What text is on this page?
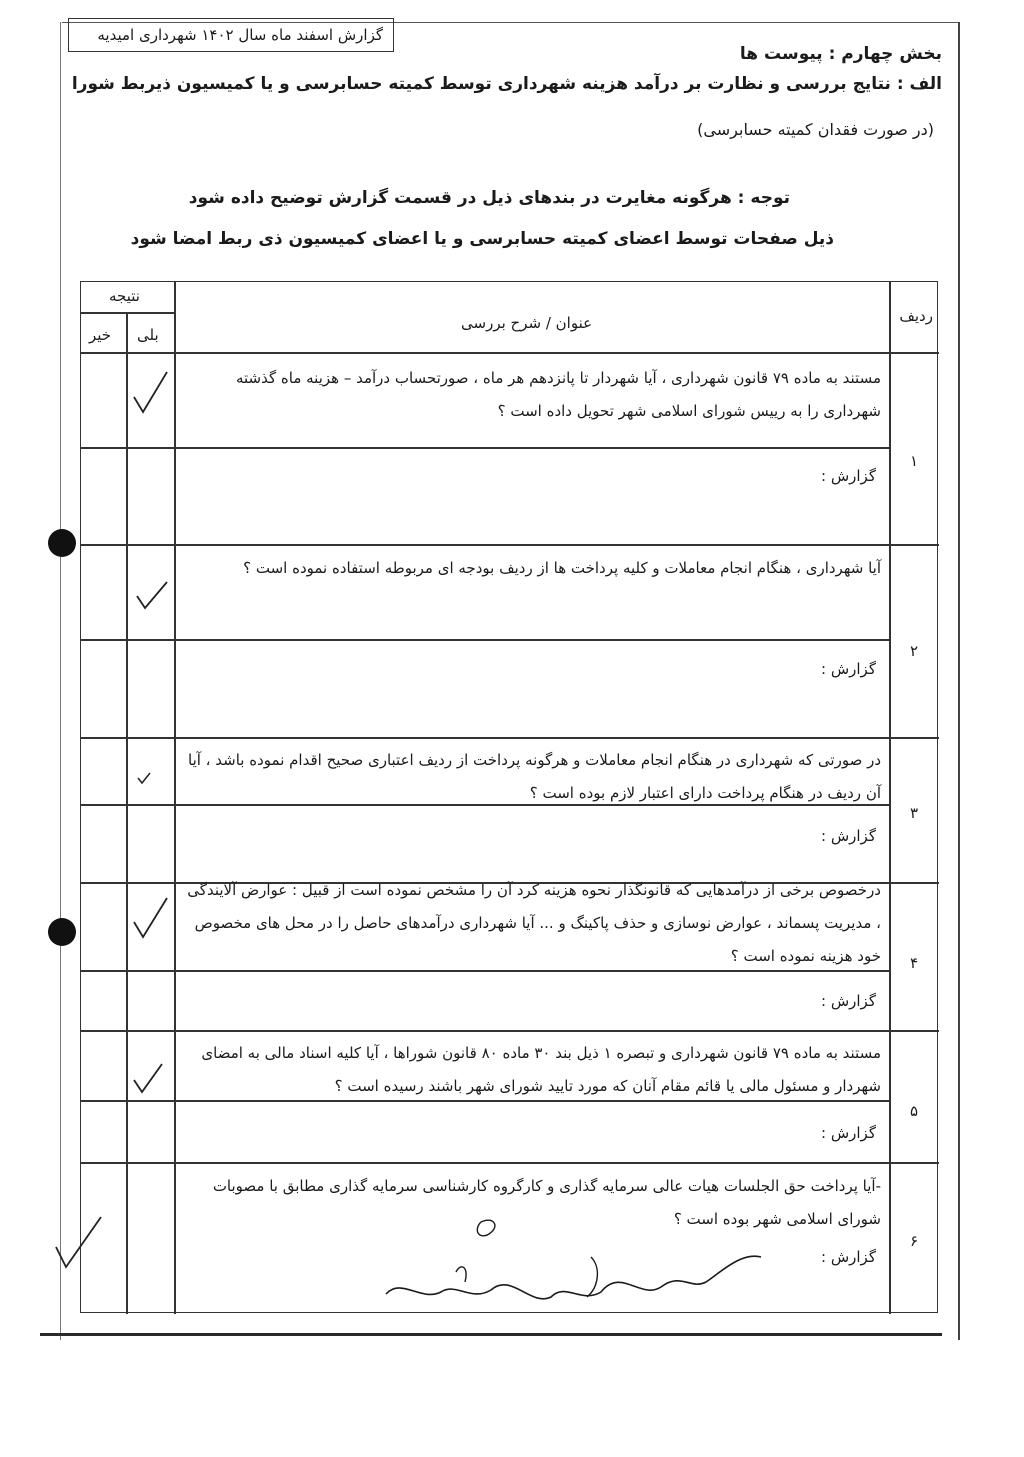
گزارش اسفند ماه سال ۱۴۰۲ شهرداری امیدیه
بخش چهارم : پیوست ها
الف : نتایج بررسی و نظارت بر درآمد هزینه شهرداری توسط کمیته حسابرسی و یا کمیسیون ذیربط شورا
(در صورت فقدان کمیته حسابرسی)
توجه : هرگونه مغایرت در بندهای ذیل در قسمت گزارش توضیح داده شود
ذیل صفحات توسط اعضای کمیته حسابرسی و یا اعضای کمیسیون ذی ربط امضا شود
ردیف
عنوان / شرح بررسی
نتیجه
بلی
خیر
۱
مستند به ماده ۷۹ قانون شهرداری ، آیا شهردار تا پانزدهم هر ماه ، صورتحساب درآمد – هزینه ماه گذشته شهرداری را به رییس شورای اسلامی شهر تحویل داده است ؟
گزارش :
۲
آیا شهرداری ، هنگام انجام معاملات و کلیه پرداخت ها از ردیف بودجه ای مربوطه استفاده نموده است ؟
گزارش :
۳
در صورتی که شهرداری در هنگام انجام معاملات و هرگونه پرداخت از ردیف اعتباری صحیح اقدام نموده باشد ، آیا آن ردیف در هنگام پرداخت دارای اعتبار لازم بوده است ؟
گزارش :
۴
درخصوص برخی از درآمدهایی که قانونگذار نحوه هزینه کرد آن را مشخص نموده است از قبیل : عوارض آلایندگی ، مدیریت پسماند ، عوارض نوسازی و حذف پاکینگ و ... آیا شهرداری درآمدهای حاصل را در محل های مخصوص خود هزینه نموده است ؟
گزارش :
۵
مستند به ماده ۷۹ قانون شهرداری و تبصره ۱ ذیل بند ۳۰ ماده ۸۰ قانون شوراها ، آیا کلیه اسناد مالی به امضای شهردار و مسئول مالی یا قائم مقام آنان که مورد تایید شورای شهر باشند رسیده است ؟
گزارش :
۶
-آیا پرداخت حق الجلسات هیات عالی سرمایه گذاری و کارگروه کارشناسی سرمایه گذاری مطابق با مصوبات شورای اسلامی شهر بوده است ؟
گزارش :
